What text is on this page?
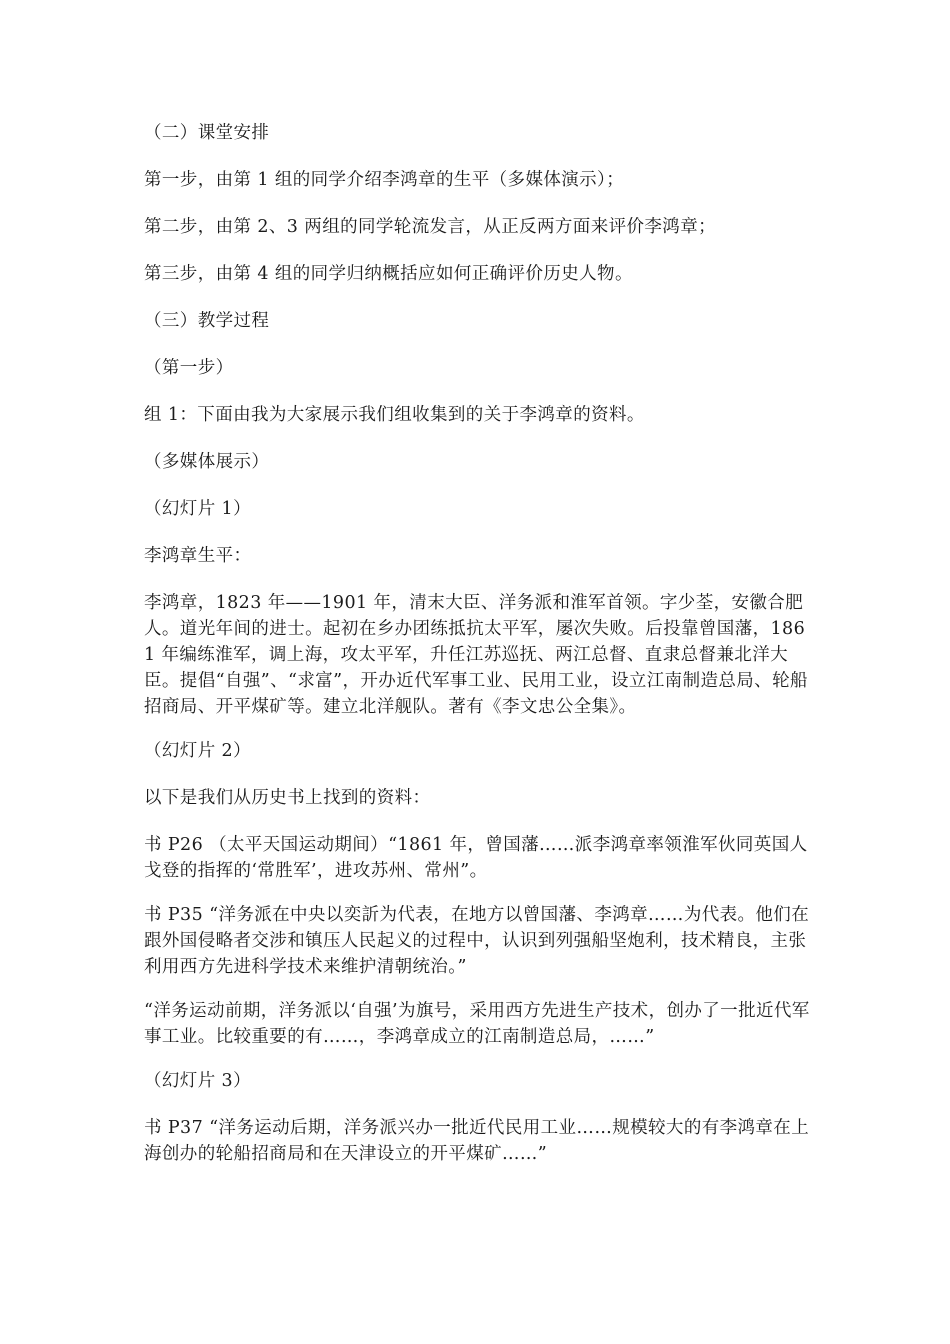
（二）课堂安排

第一步，由第 1 组的同学介绍李鸿章的生平（多媒体演示）；

第二步，由第 2、3 两组的同学轮流发言，从正反两方面来评价李鸿章；

第三步，由第 4 组的同学归纳概括应如何正确评价历史人物。

（三）教学过程

（第一步）

组 1：下面由我为大家展示我们组收集到的关于李鸿章的资料。

（多媒体展示）

（幻灯片 1）

李鸿章生平：

李鸿章，1823 年——1901 年，清末大臣、洋务派和淮军首领。字少荃，安徽合肥人。道光年间的进士。起初在乡办团练抵抗太平军，屡次失败。后投靠曾国藩，1861 年编练淮军，调上海，攻太平军，升任江苏巡抚、两江总督、直隶总督兼北洋大臣。提倡“自强”、“求富”，开办近代军事工业、民用工业，设立江南制造总局、轮船招商局、开平煤矿等。建立北洋舰队。著有《李文忠公全集》。

（幻灯片 2）

以下是我们从历史书上找到的资料：

书 P26 （太平天国运动期间）“1861 年，曾国藩……派李鸿章率领淮军伙同英国人戈登的指挥的‘常胜军’，进攻苏州、常州”。

书 P35 “洋务派在中央以奕訢为代表，在地方以曾国藩、李鸿章……为代表。他们在跟外国侵略者交涉和镇压人民起义的过程中，认识到列强船坚炮利，技术精良，主张利用西方先进科学技术来维护清朝统治。”

“洋务运动前期，洋务派以‘自强’为旗号，采用西方先进生产技术，创办了一批近代军事工业。比较重要的有……，李鸿章成立的江南制造总局，……”

（幻灯片 3）

书 P37 “洋务运动后期，洋务派兴办一批近代民用工业……规模较大的有李鸿章在上海创办的轮船招商局和在天津设立的开平煤矿……”
